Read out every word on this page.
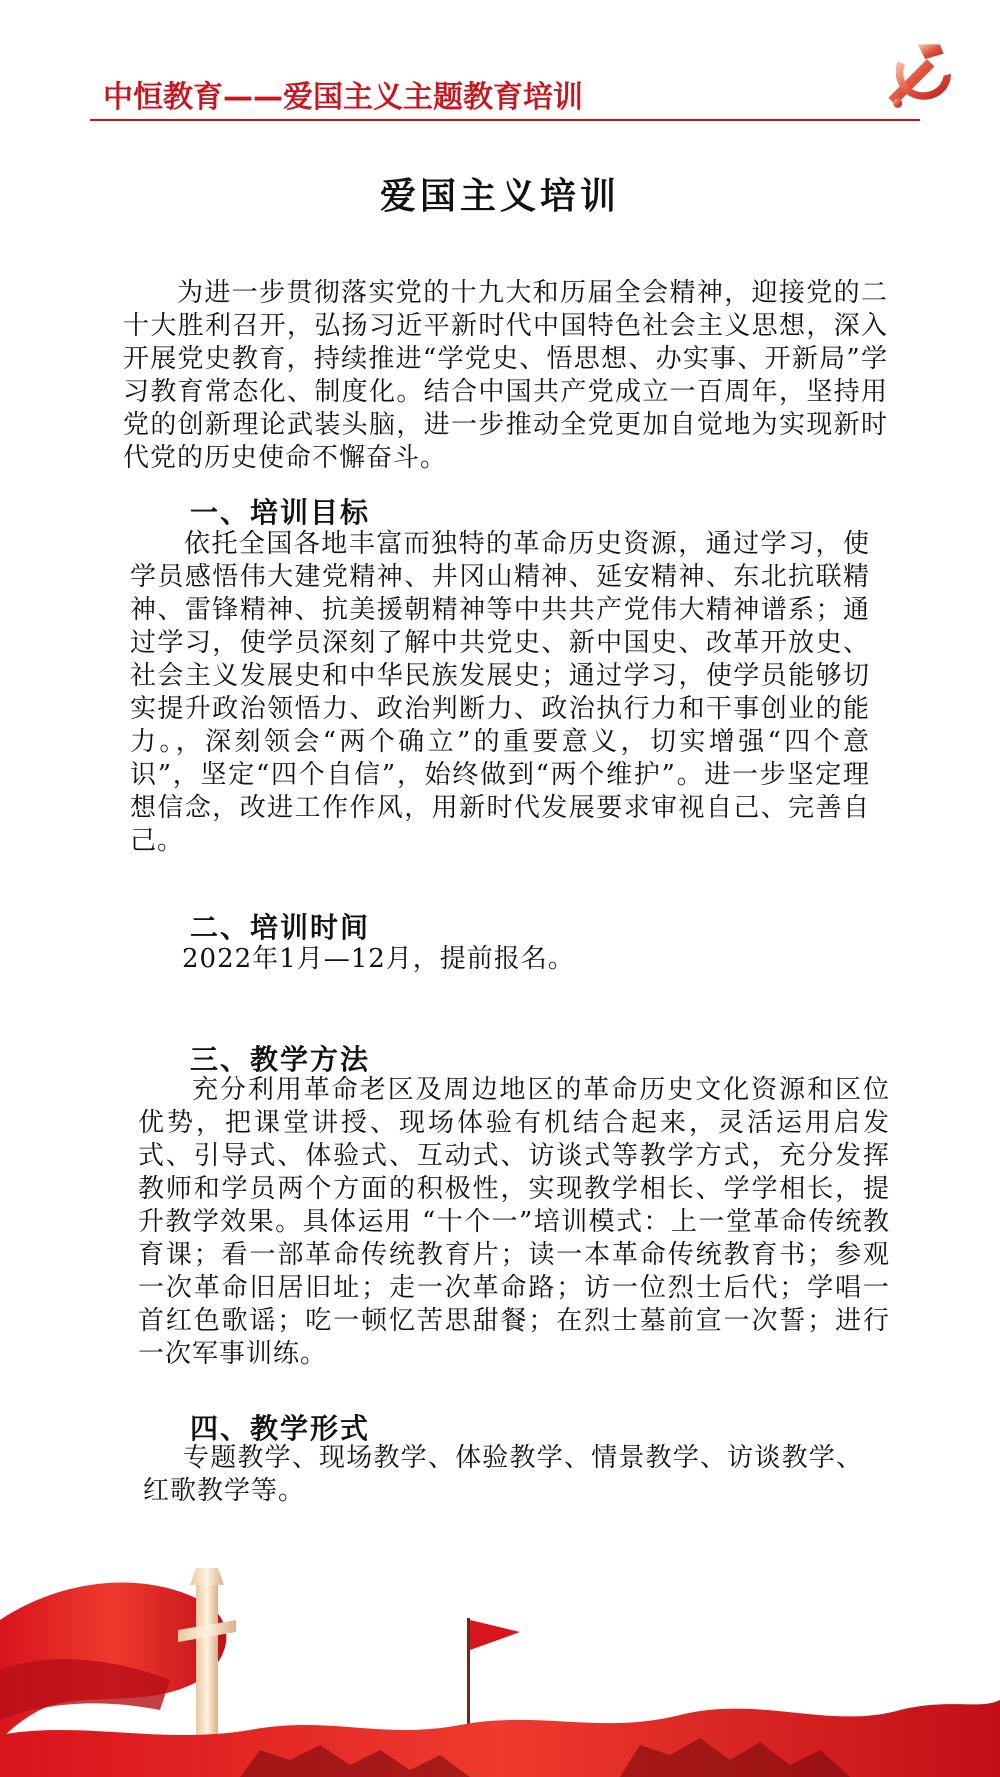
中恒教育——爱国主义主题教育培训
爱国主义培训

为进一步贯彻落实党的十九大和历届全会精神，迎接党的二十大胜利召开，弘扬习近平新时代中国特色社会主义思想，深入开展党史教育，持续推进“学党史、悟思想、办实事、开新局”学习教育常态化、制度化。结合中国共产党成立一百周年，坚持用党的创新理论武装头脑，进一步推动全党更加自觉地为实现新时代党的历史使命不懈奋斗。

一、培训目标

依托全国各地丰富而独特的革命历史资源，通过学习，使学员感悟伟大建党精神、井冈山精神、延安精神、东北抗联精神、雷锋精神、抗美援朝精神等中共共产党伟大精神谱系；通过学习，使学员深刻了解中共党史、新中国史、改革开放史、社会主义发展史和中华民族发展史；通过学习，使学员能够切实提升政治领悟力、政治判断力、政治执行力和干事创业的能力。，深刻领会“两个确立”的重要意义，切实增强“四个意识”，坚定“四个自信”，始终做到“两个维护”。进一步坚定理想信念，改进工作作风，用新时代发展要求审视自己、完善自己。

二、培训时间

2022年1月—12月，提前报名。

三、教学方法

充分利用革命老区及周边地区的革命历史文化资源和区位优势，把课堂讲授、现场体验有机结合起来，灵活运用启发式、引导式、体验式、互动式、访谈式等教学方式，充分发挥教师和学员两个方面的积极性，实现教学相长、学学相长，提升教学效果。具体运用 “十个一”培训模式：上一堂革命传统教育课；看一部革命传统教育片；读一本革命传统教育书；参观一次革命旧居旧址；走一次革命路；访一位烈士后代；学唱一首红色歌谣；吃一顿忆苦思甜餐；在烈士墓前宣一次誓；进行一次军事训练。

四、教学形式

专题教学、现场教学、体验教学、情景教学、访谈教学、红歌教学等。
